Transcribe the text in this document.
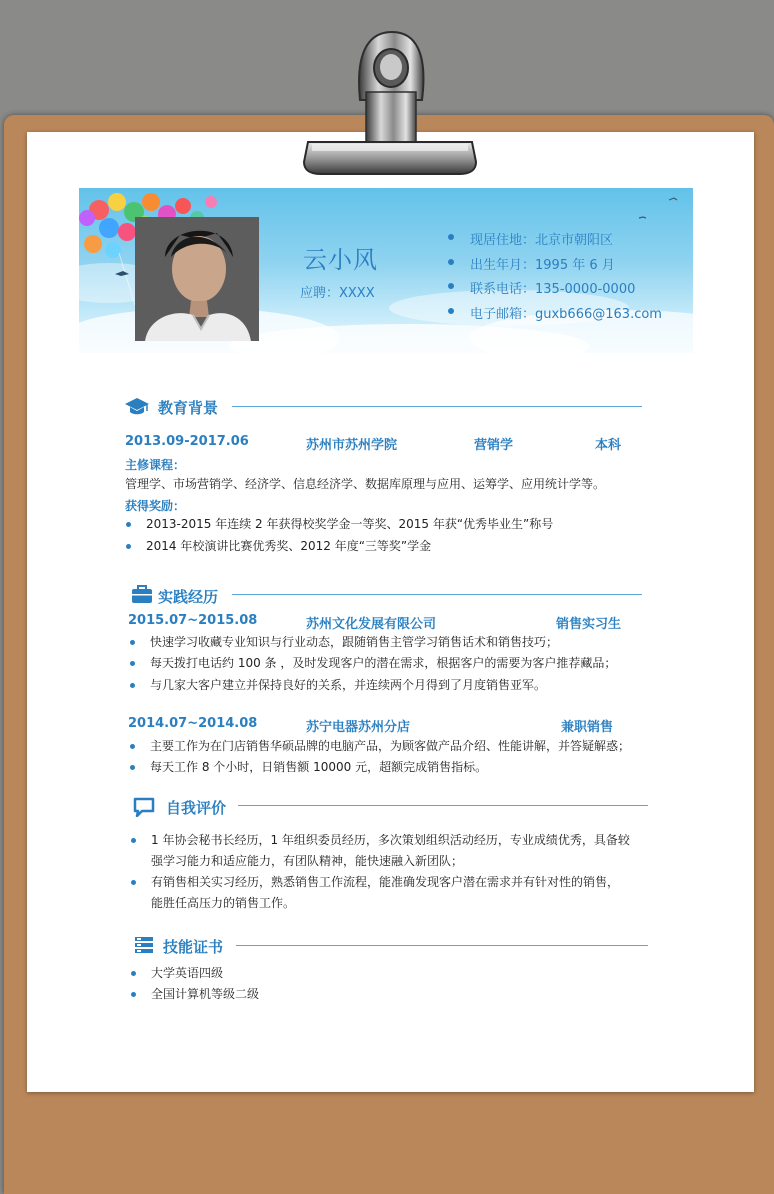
云小风
应聘：XXXX
现居住地：北京市朝阳区
出生年月：1995 年 6 月
联系电话：135-0000-0000
电子邮箱：guxb666@163.com
教育背景
2013.09-2017.06	苏州市苏州学院	营销学	本科
主修课程：
管理学、市场营销学、经济学、信息经济学、数据库原理与应用、运筹学、应用统计学等。
获得奖励：
2013-2015 年连续 2 年获得校奖学金一等奖、2015 年获“优秀毕业生”称号
2014 年校演讲比赛优秀奖、2012 年度“三等奖”学金
实践经历
2015.07~2015.08	苏州文化发展有限公司	销售实习生
快速学习收藏专业知识与行业动态，跟随销售主管学习销售话术和销售技巧；
每天拨打电话约 100 条 ，及时发现客户的潜在需求，根据客户的需要为客户推荐藏品；
与几家大客户建立并保持良好的关系，并连续两个月得到了月度销售亚军。
2014.07~2014.08	苏宁电器苏州分店	兼职销售
主要工作为在门店销售华硕品牌的电脑产品，为顾客做产品介绍、性能讲解，并答疑解惑；
每天工作 8 个小时，日销售额 10000 元，超额完成销售指标。
自我评价
1 年协会秘书长经历，1 年组织委员经历，多次策划组织活动经历，专业成绩优秀，具备较
强学习能力和适应能力，有团队精神，能快速融入新团队；
有销售相关实习经历，熟悉销售工作流程，能准确发现客户潜在需求并有针对性的销售，
能胜任高压力的销售工作。
技能证书
大学英语四级
全国计算机等级二级
